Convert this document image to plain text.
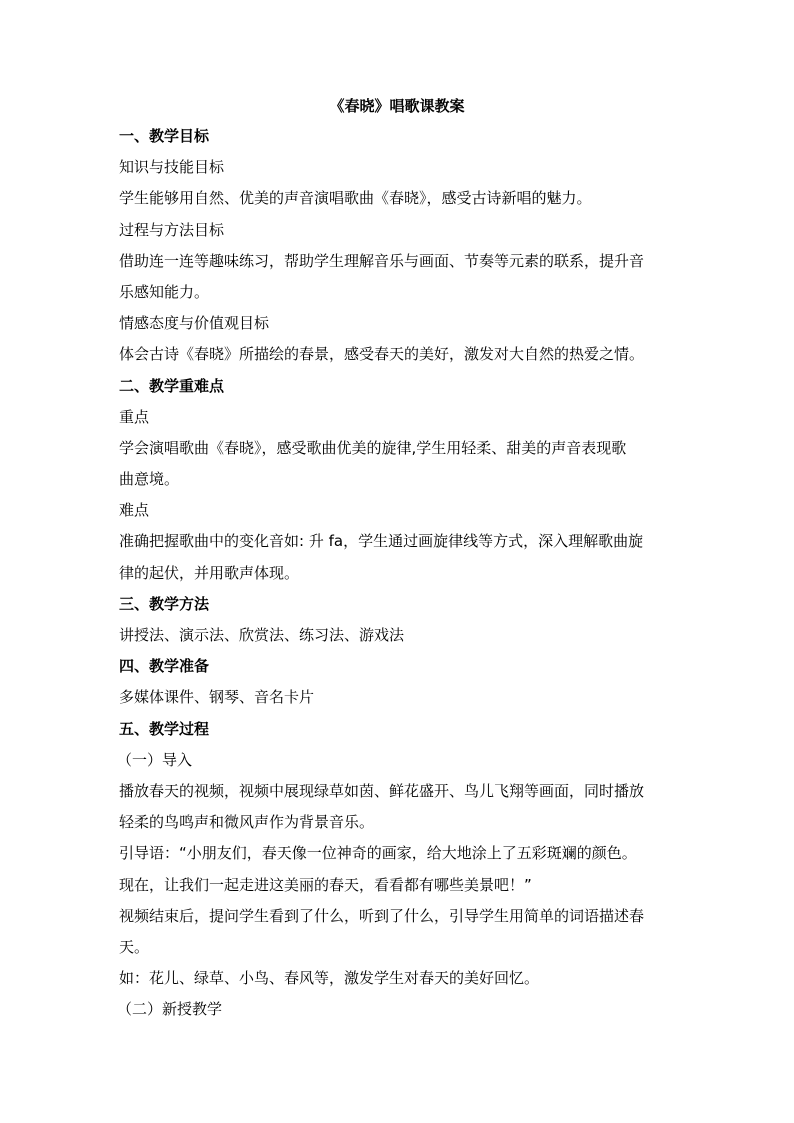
《春晓》唱歌课教案
一、教学目标
知识与技能目标
学生能够用自然、优美的声音演唱歌曲《春晓》，感受古诗新唱的魅力。
过程与方法目标
借助连一连等趣味练习，帮助学生理解音乐与画面、节奏等元素的联系，提升音
乐感知能力。
情感态度与价值观目标
体会古诗《春晓》所描绘的春景，感受春天的美好，激发对大自然的热爱之情。
二、教学重难点
重点
学会演唱歌曲《春晓》，感受歌曲优美的旋律,学生用轻柔、甜美的声音表现歌
曲意境。
难点
准确把握歌曲中的变化音如: 升 fa，学生通过画旋律线等方式，深入理解歌曲旋
律的起伏，并用歌声体现。
三、教学方法
讲授法、演示法、欣赏法、练习法、游戏法
四、教学准备
多媒体课件、钢琴、音名卡片
五、教学过程
（一）导入
播放春天的视频，视频中展现绿草如茵、鲜花盛开、鸟儿飞翔等画面，同时播放
轻柔的鸟鸣声和微风声作为背景音乐。
引导语：“小朋友们，春天像一位神奇的画家，给大地涂上了五彩斑斓的颜色。
现在，让我们一起走进这美丽的春天，看看都有哪些美景吧！”
视频结束后，提问学生看到了什么，听到了什么，引导学生用简单的词语描述春
天。
如：花儿、绿草、小鸟、春风等，激发学生对春天的美好回忆。
（二）新授教学
